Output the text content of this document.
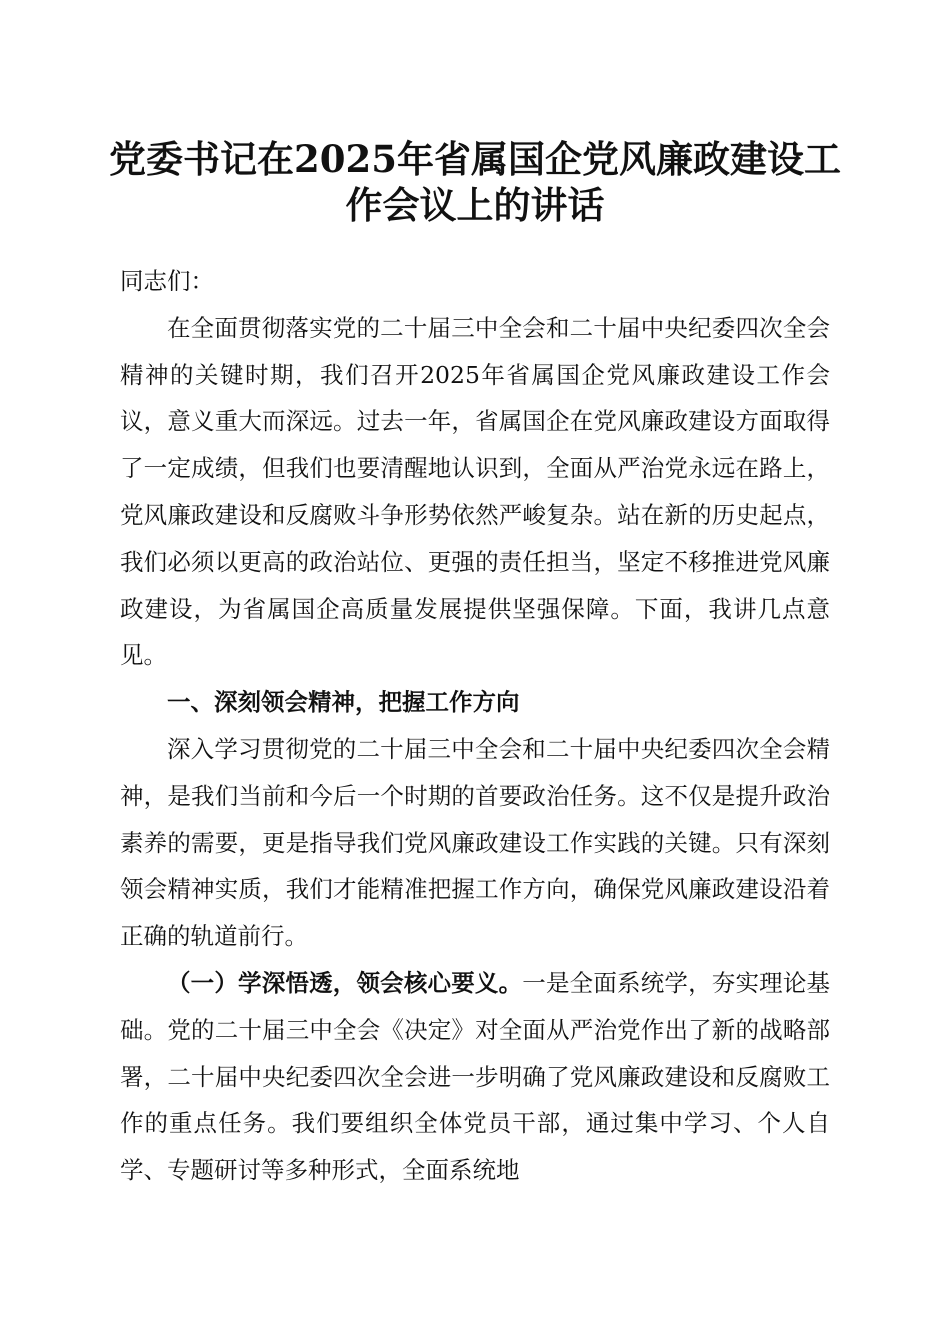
党委书记在2025年省属国企党风廉政建设工
作会议上的讲话

同志们：

在全面贯彻落实党的二十届三中全会和二十届中央纪委四次全会精神的关键时期，我们召开2025年省属国企党风廉政建设工作会议，意义重大而深远。过去一年，省属国企在党风廉政建设方面取得了一定成绩，但我们也要清醒地认识到，全面从严治党永远在路上，党风廉政建设和反腐败斗争形势依然严峻复杂。站在新的历史起点，我们必须以更高的政治站位、更强的责任担当，坚定不移推进党风廉政建设，为省属国企高质量发展提供坚强保障。下面，我讲几点意见。

一、深刻领会精神，把握工作方向

深入学习贯彻党的二十届三中全会和二十届中央纪委四次全会精神，是我们当前和今后一个时期的首要政治任务。这不仅是提升政治素养的需要，更是指导我们党风廉政建设工作实践的关键。只有深刻领会精神实质，我们才能精准把握工作方向，确保党风廉政建设沿着正确的轨道前行。

（一）学深悟透，领会核心要义。一是全面系统学，夯实理论基础。党的二十届三中全会《决定》对全面从严治党作出了新的战略部署，二十届中央纪委四次全会进一步明确了党风廉政建设和反腐败工作的重点任务。我们要组织全体党员干部，通过集中学习、个人自学、专题研讨等多种形式，全面系统地
